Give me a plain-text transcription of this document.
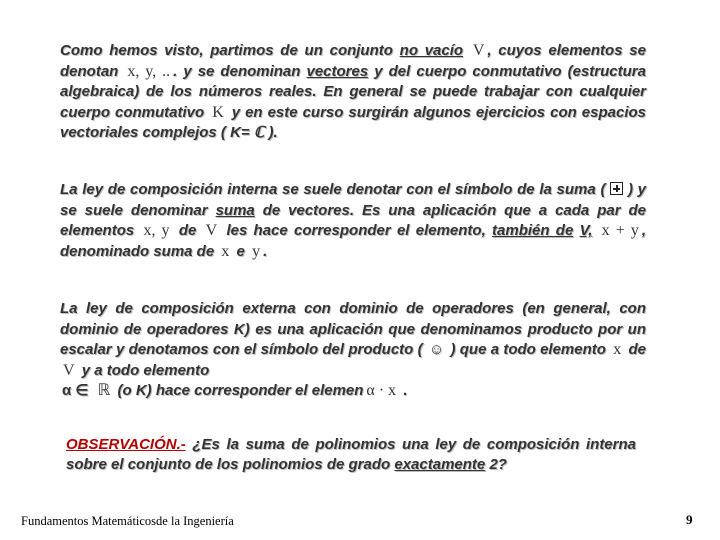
Como hemos visto, partimos de un conjunto no vacío V , cuyos elementos se denotan x, y, .. . y se denominan vectores y del cuerpo conmutativo (estructura algebraica) de los números reales. En general se puede trabajar con cualquier cuerpo conmutativo K y en este curso surgirán algunos ejercicios con espacios vectoriales complejos ( K= ℂ ).
La ley de composición interna se suele denotar con el símbolo de la suma ( ) y se suele denominar suma de vectores. Es una aplicación que a cada par de elementos x, y de V les hace corresponder el elemento, también de V, x + y , denominado suma de x e y .
La ley de composición externa con dominio de operadores (en general, con dominio de operadores K) es una aplicación que denominamos producto por un escalar y denotamos con el símbolo del producto ( ☺ ) que a todo elemento x de V y a todo elemento
α ∈ ℝ (o K) hace corresponder el elemen α · x .
OBSERVACIÓN.- ¿Es la suma de polinomios una ley de composición interna sobre el conjunto de los polinomios de grado exactamente 2?
Fundamentos Matemáticosde la Ingeniería	9
